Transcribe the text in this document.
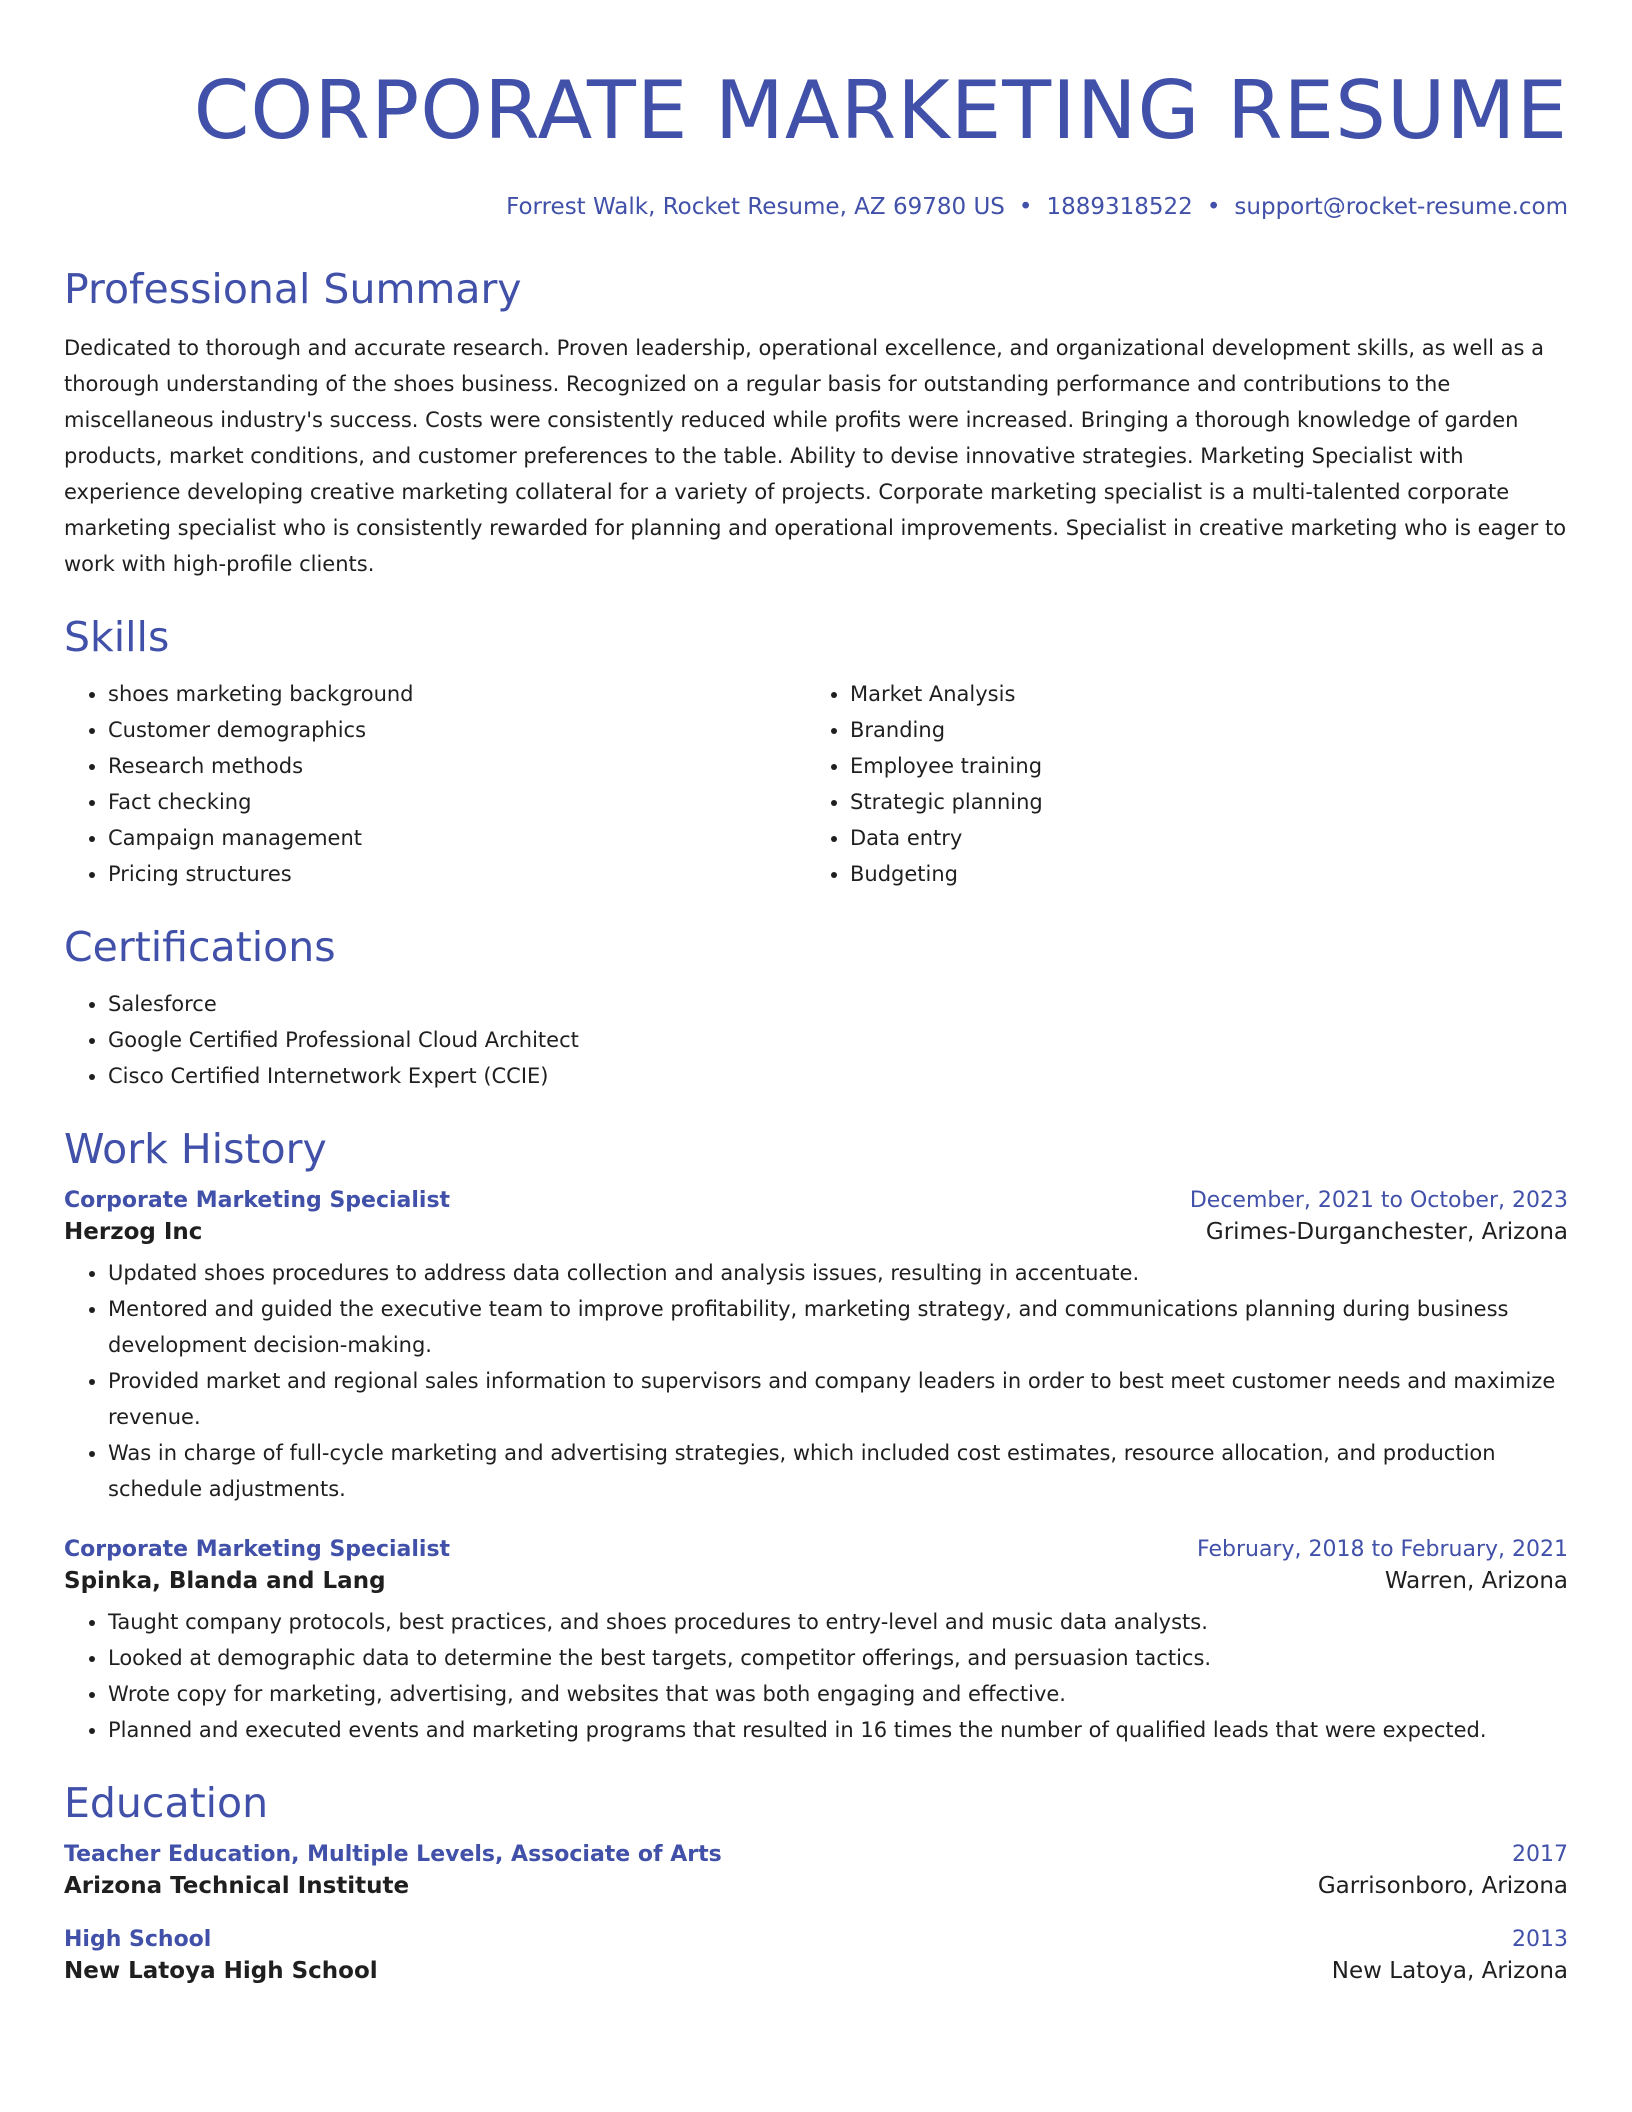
CORPORATE MARKETING RESUME
Forrest Walk, Rocket Resume, AZ 69780 US • 1889318522 • support@rocket-resume.com
Professional Summary

Dedicated to thorough and accurate research. Proven leadership, operational excellence, and organizational development skills, as well as a thorough understanding of the shoes business. Recognized on a regular basis for outstanding performance and contributions to the miscellaneous industry's success. Costs were consistently reduced while profits were increased. Bringing a thorough knowledge of garden products, market conditions, and customer preferences to the table. Ability to devise innovative strategies. Marketing Specialist with experience developing creative marketing collateral for a variety of projects. Corporate marketing specialist is a multi-talented corporate marketing specialist who is consistently rewarded for planning and operational improvements. Specialist in creative marketing who is eager to work with high-profile clients.

Skills
• shoes marketing background
• Customer demographics
• Research methods
• Fact checking
• Campaign management
• Pricing structures
• Market Analysis
• Branding
• Employee training
• Strategic planning
• Data entry
• Budgeting
Certifications
• Salesforce
• Google Certified Professional Cloud Architect
• Cisco Certified Internetwork Expert (CCIE)
Work History
Corporate Marketing Specialist	December, 2021 to October, 2023
Herzog Inc	Grimes-Durganchester, Arizona
• Updated shoes procedures to address data collection and analysis issues, resulting in accentuate.
• Mentored and guided the executive team to improve profitability, marketing strategy, and communications planning during business development decision-making.
• Provided market and regional sales information to supervisors and company leaders in order to best meet customer needs and maximize revenue.
• Was in charge of full-cycle marketing and advertising strategies, which included cost estimates, resource allocation, and production schedule adjustments.
Corporate Marketing Specialist	February, 2018 to February, 2021
Spinka, Blanda and Lang	Warren, Arizona
• Taught company protocols, best practices, and shoes procedures to entry-level and music data analysts.
• Looked at demographic data to determine the best targets, competitor offerings, and persuasion tactics.
• Wrote copy for marketing, advertising, and websites that was both engaging and effective.
• Planned and executed events and marketing programs that resulted in 16 times the number of qualified leads that were expected.
Education
Teacher Education, Multiple Levels, Associate of Arts	2017
Arizona Technical Institute	Garrisonboro, Arizona
High School	2013
New Latoya High School	New Latoya, Arizona
